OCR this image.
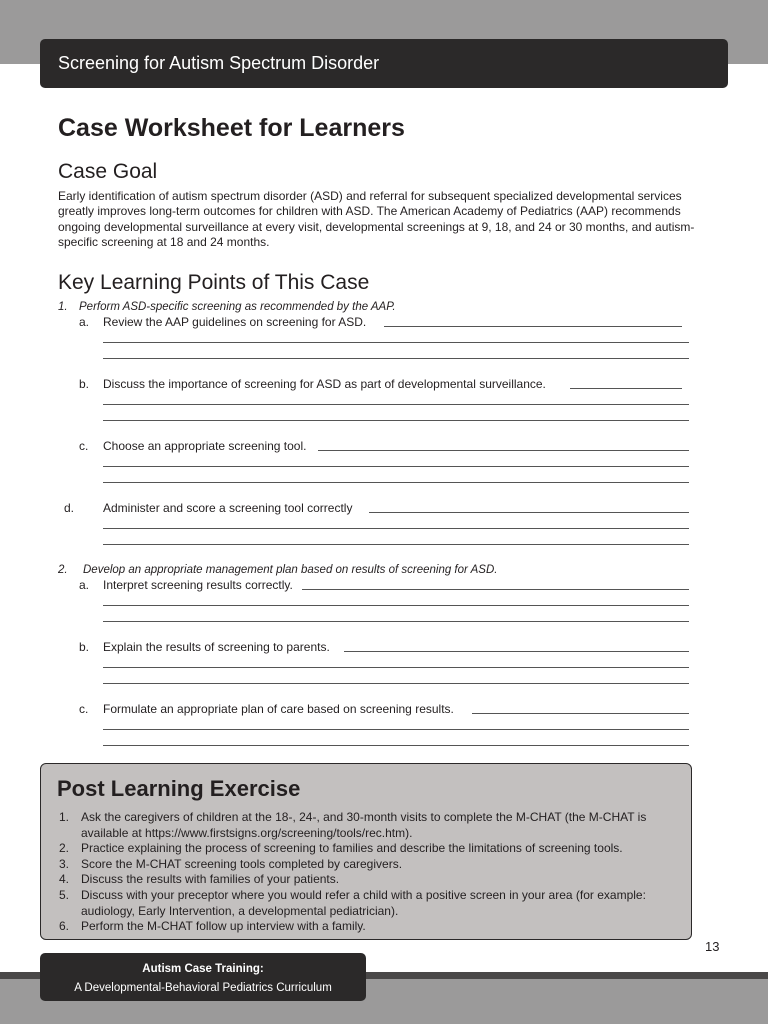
Screening for Autism Spectrum Disorder
Case Worksheet for Learners
Case Goal

Early identification of autism spectrum disorder (ASD) and referral for subsequent specialized developmental services greatly improves long-term outcomes for children with ASD. The American Academy of Pediatrics (AAP) recommends ongoing developmental surveillance at every visit, developmental screenings at 9, 18, and 24 or 30 months, and autism-specific screening at 18 and 24 months.

Key Learning Points of This Case
1. Perform ASD-specific screening as recommended by the AAP.
a. Review the AAP guidelines on screening for ASD.
b. Discuss the importance of screening for ASD as part of developmental surveillance.
c. Choose an appropriate screening tool.
d. Administer and score a screening tool correctly
2. Develop an appropriate management plan based on results of screening for ASD.
a. Interpret screening results correctly.
b. Explain the results of screening to parents.
c. Formulate an appropriate plan of care based on screening results.
Post Learning Exercise
1. Ask the caregivers of children at the 18-, 24-, and 30-month visits to complete the M-CHAT (the M-CHAT is available at https://www.firstsigns.org/screening/tools/rec.htm).
2. Practice explaining the process of screening to families and describe the limitations of screening tools.
3. Score the M-CHAT screening tools completed by caregivers.
4. Discuss the results with families of your patients.
5. Discuss with your preceptor where you would refer a child with a positive screen in your area (for example: audiology, Early Intervention, a developmental pediatrician).
6. Perform the M-CHAT follow up interview with a family.
13
Autism Case Training:
A Developmental-Behavioral Pediatrics Curriculum
